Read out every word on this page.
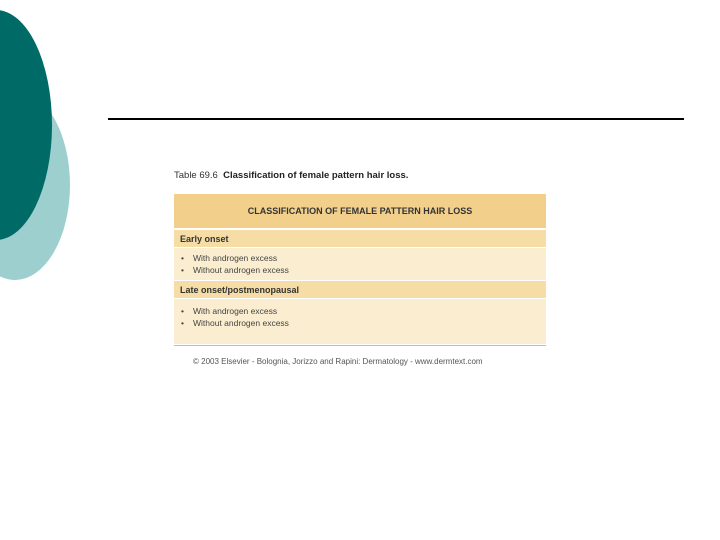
Table 69.6 Classification of female pattern hair loss.
CLASSIFICATION OF FEMALE PATTERN HAIR LOSS
Early onset
•	With androgen excess
•	Without androgen excess
Late onset/postmenopausal
•	With androgen excess
•	Without androgen excess
© 2003 Elsevier - Bolognia, Jorizzo and Rapini: Dermatology - www.dermtext.com
